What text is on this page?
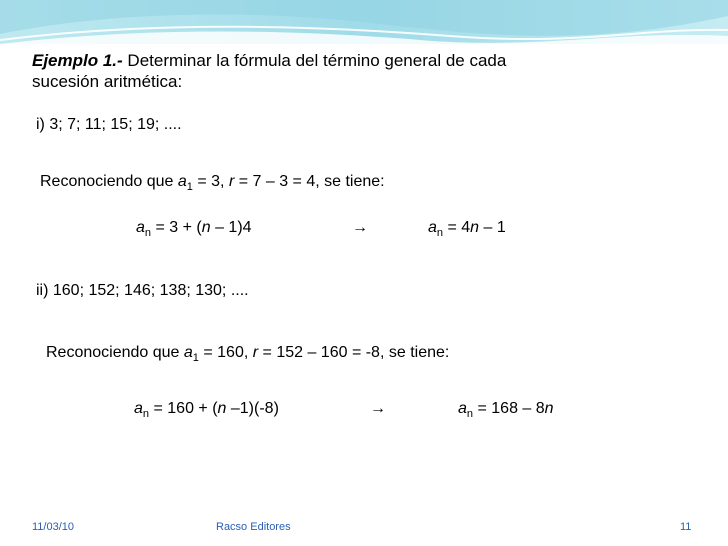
Ejemplo 1.- Determinar la fórmula del término general de cada
sucesión aritmética:
i) 3; 7; 11; 15; 19; ....
Reconociendo que $a_1 = 3$, r = 7 – 3 = 4, se tiene:
$a_n = 3 + (n - 1)4$	→	$a_n = 4n - 1$
ii) 160; 152; 146; 138; 130; ....
Reconociendo que $a_1 = 160$, r = 152 – 160 = -8, se tiene:
$a_n = 160 + (n$ –1)(-8)	→	$a_n = 168 - 8n$
11/03/10	Racso Editores	11
